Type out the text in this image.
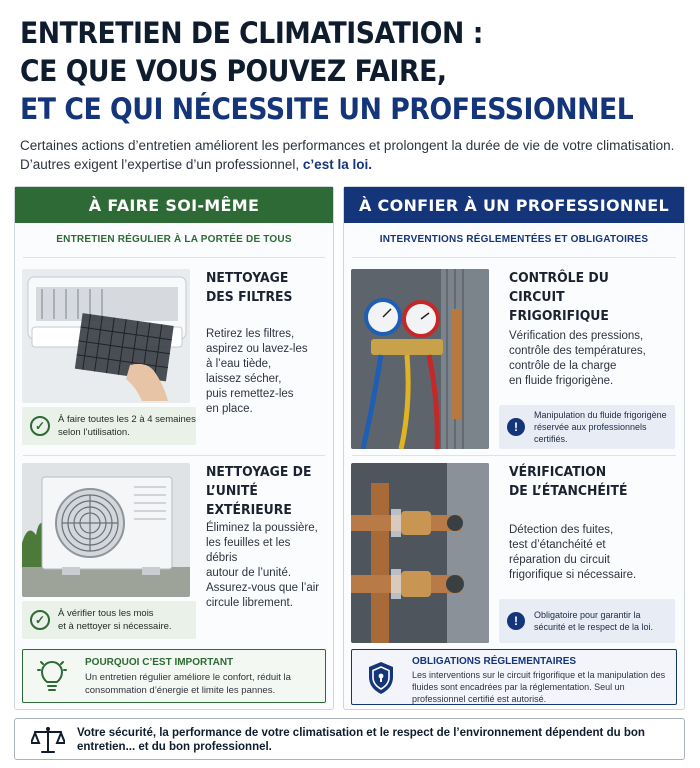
ENTRETIEN DE CLIMATISATION :
CE QUE VOUS POUVEZ FAIRE,
ET CE QUI NÉCESSITE UN PROFESSIONNEL
Certaines actions d’entretien améliorent les performances et prolongent la durée de vie de votre climatisation. D’autres exigent l’expertise d’un professionnel, c’est la loi.
À FAIRE SOI-MÊME
ENTRETIEN RÉGULIER À LA PORTÉE DE TOUS
NETTOYAGE
DES FILTRES
Retirez les filtres,
aspirez ou lavez-les
à l’eau tiède,
laissez sécher,
puis remettez-les
en place.
✓	À faire toutes les 2 à 4 semaines
selon l’utilisation.
NETTOYAGE DE
L’UNITÉ EXTÉRIEURE
Éliminez la poussière,
les feuilles et les débris
autour de l’unité.
Assurez-vous que l’air
circule librement.
✓	À vérifier tous les mois
et à nettoyer si nécessaire.
POURQUOI C’EST IMPORTANT
Un entretien régulier améliore le confort, réduit la consommation d’énergie et limite les pannes.
À CONFIER À UN PROFESSIONNEL
INTERVENTIONS RÉGLEMENTÉES ET OBLIGATOIRES
CONTRÔLE DU CIRCUIT
FRIGORIFIQUE
Vérification des pressions,
contrôle des températures,
contrôle de la charge
en fluide frigorigène.
!
Manipulation du fluide frigorigène
réservée aux professionnels
certifiés.
VÉRIFICATION
DE L’ÉTANCHÉITÉ
Détection des fuites,
test d’étanchéité et
réparation du circuit
frigorifique si nécessaire.
!	Obligatoire pour garantir la
sécurité et le respect de la loi.
OBLIGATIONS RÉGLEMENTAIRES
Les interventions sur le circuit frigorifique et la manipulation des fluides sont encadrées par la réglementation. Seul un professionnel certifié est autorisé.
Votre sécurité, la performance de votre climatisation et le respect de l’environnement dépendent du bon entretien... et du bon professionnel.
